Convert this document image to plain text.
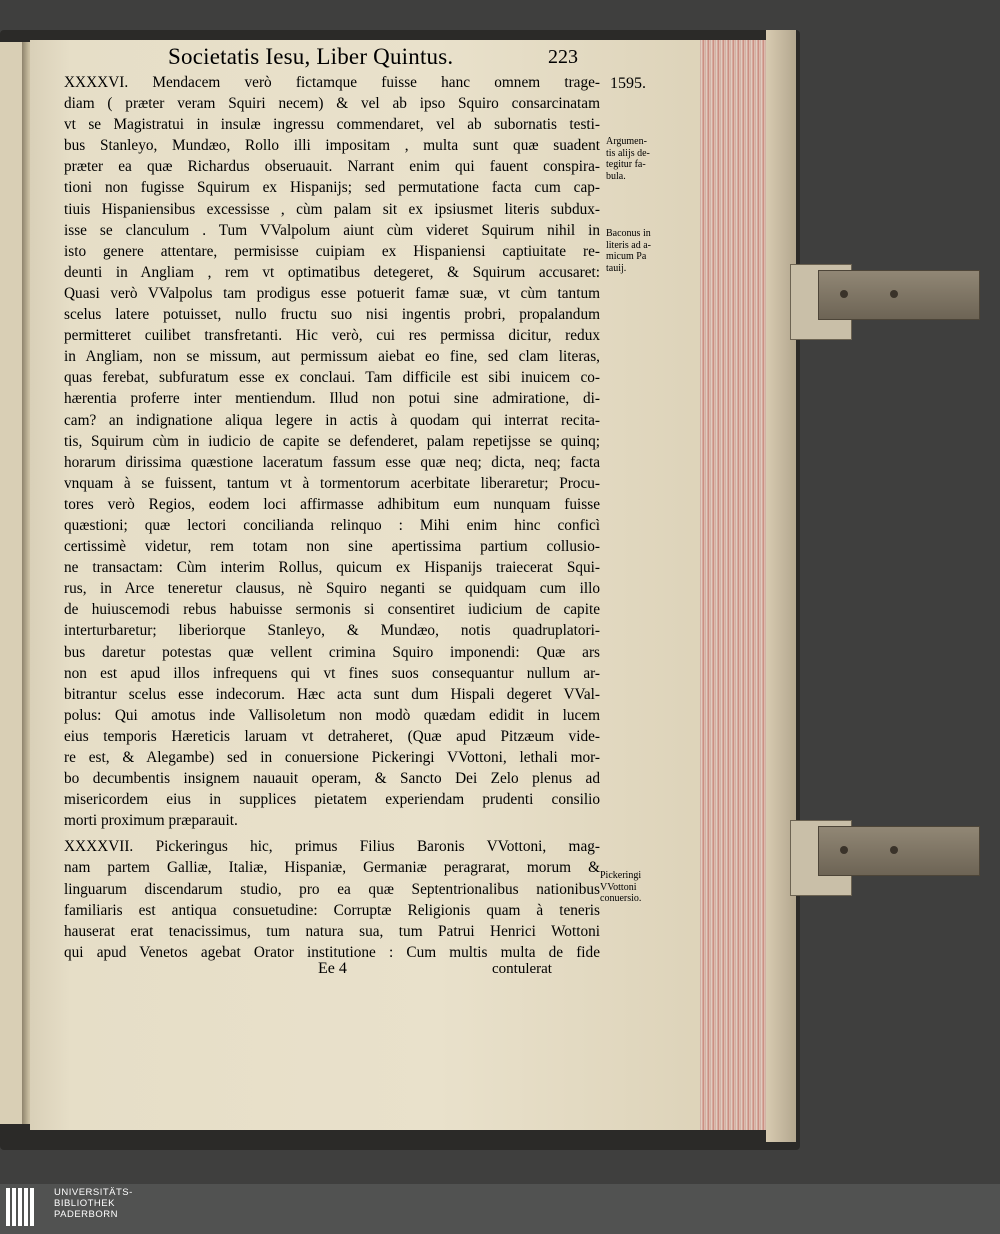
Societatis Iesu, Liber Quintus.	223
1595.
XXXXVI. Mendacem verò fictamque fuisse hanc omnem trage-
diam ( præter veram Squiri necem) & vel ab ipso Squiro consarcinatam
vt se Magistratui in insulæ ingressu commendaret, vel ab subornatis testi-
bus Stanleyo, Mundæo, Rollo illi impositam , multa sunt quæ suadent
præter ea quæ Richardus obseruauit. Narrant enim qui fauent conspira-
tioni non fugisse Squirum ex Hispanijs; sed permutatione facta cum cap-
tiuis Hispaniensibus excessisse , cùm palam sit ex ipsiusmet literis subdux-
isse se clanculum . Tum VValpolum aiunt cùm videret Squirum nihil in
isto genere attentare, permisisse cuipiam ex Hispaniensi captiuitate re-
deunti in Angliam , rem vt optimatibus detegeret, & Squirum accusaret:
Quasi verò VValpolus tam prodigus esse potuerit famæ suæ, vt cùm tantum
scelus latere potuisset, nullo fructu suo nisi ingentis probri, propalandum
permitteret cuilibet transfretanti. Hic verò, cui res permissa dicitur, redux
in Angliam, non se missum, aut permissum aiebat eo fine, sed clam literas,
quas ferebat, subfuratum esse ex conclaui. Tam difficile est sibi inuicem co-
hærentia proferre inter mentiendum. Illud non potui sine admiratione, di-
cam? an indignatione aliqua legere in actis à quodam qui interrat recita-
tis, Squirum cùm in iudicio de capite se defenderet, palam repetijsse se quinq;
horarum dirissima quæstione laceratum fassum esse quæ neq; dicta, neq; facta
vnquam à se fuissent, tantum vt à tormentorum acerbitate liberaretur; Procu-
tores verò Regios, eodem loci affirmasse adhibitum eum nunquam fuisse
quæstioni; quæ lectori concilianda relinquo : Mihi enim hinc conficì
certissimè videtur, rem totam non sine apertissima partium collusio-
ne transactam: Cùm interim Rollus, quicum ex Hispanijs traiecerat Squi-
rus, in Arce teneretur clausus, nè Squiro neganti se quidquam cum illo
de huiuscemodi rebus habuisse sermonis si consentiret iudicium de capite
interturbaretur; liberiorque Stanleyo, & Mundæo, notis quadruplatori-
bus daretur potestas quæ vellent crimina Squiro imponendi: Quæ ars
non est apud illos infrequens qui vt fines suos consequantur nullum ar-
bitrantur scelus esse indecorum. Hæc acta sunt dum Hispali degeret VVal-
polus: Qui amotus inde Vallisoletum non modò quædam edidit in lucem
eius temporis Hæreticis laruam vt detraheret, (Quæ apud Pitzæum vide-
re est, & Alegambe) sed in conuersione Pickeringi VVottoni, lethali mor-
bo decumbentis insignem nauauit operam, & Sancto Dei Zelo plenus ad
misericordem eius in supplices pietatem experiendam prudenti consilio
morti proximum præparauit.
XXXXVII. Pickeringus hic, primus Filius Baronis VVottoni, mag-
nam partem Galliæ, Italiæ, Hispaniæ, Germaniæ peragrarat, morum &
linguarum discendarum studio, pro ea quæ Septentrionalibus nationibus
familiaris est antiqua consuetudine: Corruptæ Religionis quam à teneris
hauserat erat tenacissimus, tum natura sua, tum Patrui Henrici Wottoni
qui apud Venetos agebat Orator institutione : Cum multis multa de fide
Argumen-
tis alijs de-
tegitur fa-
bula.
Baconus in
literis ad a-
micum Pa
tauij.
Pickeringi
VVottoni
conuersio.
Ee 4	contulerat
UNIVERSITÄTS-
BIBLIOTHEK
PADERBORN
